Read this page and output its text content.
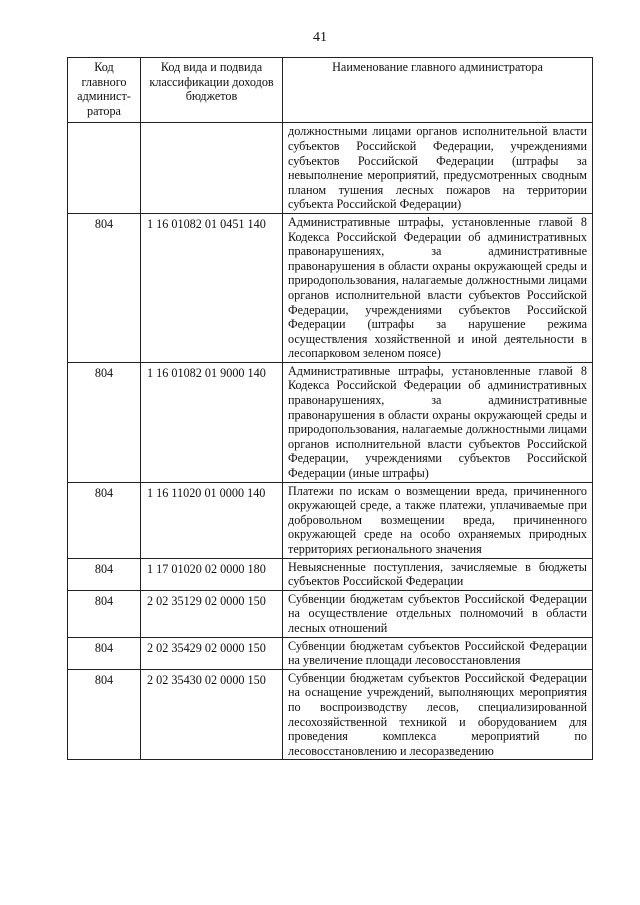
41
Код главного админист-ратора	Код вида и подвида классификации доходов бюджетов	Наименование главного администратора
		должностными лицами органов исполнительной власти субъектов Российской Федерации, учреждениями субъектов Российской Федерации (штрафы за невыполнение мероприятий, предусмотренных сводным планом тушения лесных пожаров на территории субъекта Российской Федерации)
804	1 16 01082 01 0451 140	Административные штрафы, установленные главой 8 Кодекса Российской Федерации об административных правонарушениях, за административные правонарушения в области охраны окружающей среды и природопользования, налагаемые должностными лицами органов исполнительной власти субъектов Российской Федерации, учреждениями субъектов Российской Федерации (штрафы за нарушение режима осуществления хозяйственной и иной деятельности в лесопарковом зеленом поясе)
804	1 16 01082 01 9000 140	Административные штрафы, установленные главой 8 Кодекса Российской Федерации об административных правонарушениях, за административные правонарушения в области охраны окружающей среды и природопользования, налагаемые должностными лицами органов исполнительной власти субъектов Российской Федерации, учреждениями субъектов Российской Федерации (иные штрафы)
804	1 16 11020 01 0000 140	Платежи по искам о возмещении вреда, причиненного окружающей среде, а также платежи, уплачиваемые при добровольном возмещении вреда, причиненного окружающей среде на особо охраняемых природных территориях регионального значения
804	1 17 01020 02 0000 180	Невыясненные поступления, зачисляемые в бюджеты субъектов Российской Федерации
804	2 02 35129 02 0000 150	Субвенции бюджетам субъектов Российской Федерации на осуществление отдельных полномочий в области лесных отношений
804	2 02 35429 02 0000 150	Субвенции бюджетам субъектов Российской Федерации на увеличение площади лесовосстановления
804	2 02 35430 02 0000 150	Субвенции бюджетам субъектов Российской Федерации на оснащение учреждений, выполняющих мероприятия по воспроизводству лесов, специализированной лесохозяйственной техникой и оборудованием для проведения комплекса мероприятий по лесовосстановлению и лесоразведению
